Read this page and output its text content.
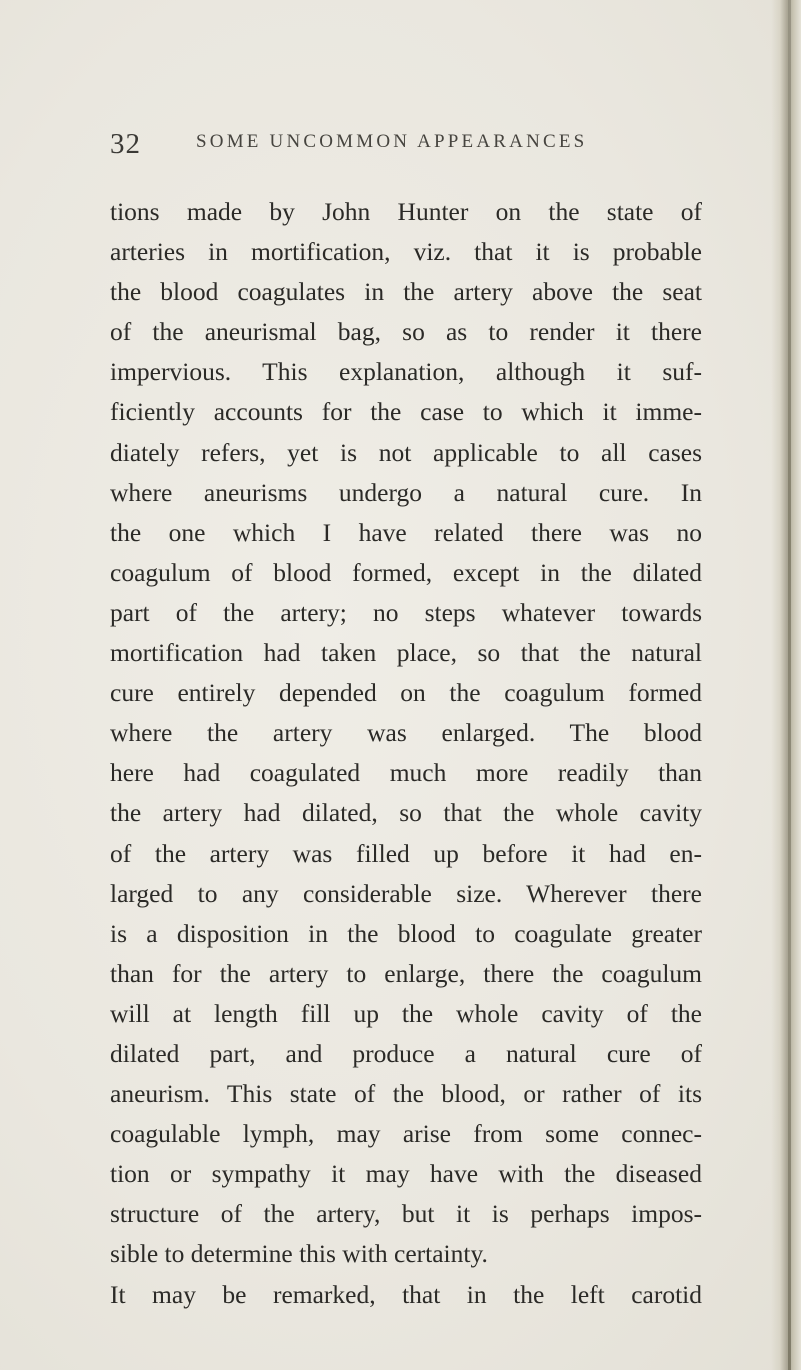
32	SOME UNCOMMON APPEARANCES
tions made by John Hunter on the state of
arteries in mortification, viz. that it is probable
the blood coagulates in the artery above the seat
of the aneurismal bag, so as to render it there
impervious. This explanation, although it suf-
ficiently accounts for the case to which it imme-
diately refers, yet is not applicable to all cases
where aneurisms undergo a natural cure. In
the one which I have related there was no
coagulum of blood formed, except in the dilated
part of the artery; no steps whatever towards
mortification had taken place, so that the natural
cure entirely depended on the coagulum formed
where the artery was enlarged. The blood
here had coagulated much more readily than
the artery had dilated, so that the whole cavity
of the artery was filled up before it had en-
larged to any considerable size. Wherever there
is a disposition in the blood to coagulate greater
than for the artery to enlarge, there the coagulum
will at length fill up the whole cavity of the
dilated part, and produce a natural cure of
aneurism. This state of the blood, or rather of its
coagulable lymph, may arise from some connec-
tion or sympathy it may have with the diseased
structure of the artery, but it is perhaps impos-
sible to determine this with certainty.
It may be remarked, that in the left carotid
